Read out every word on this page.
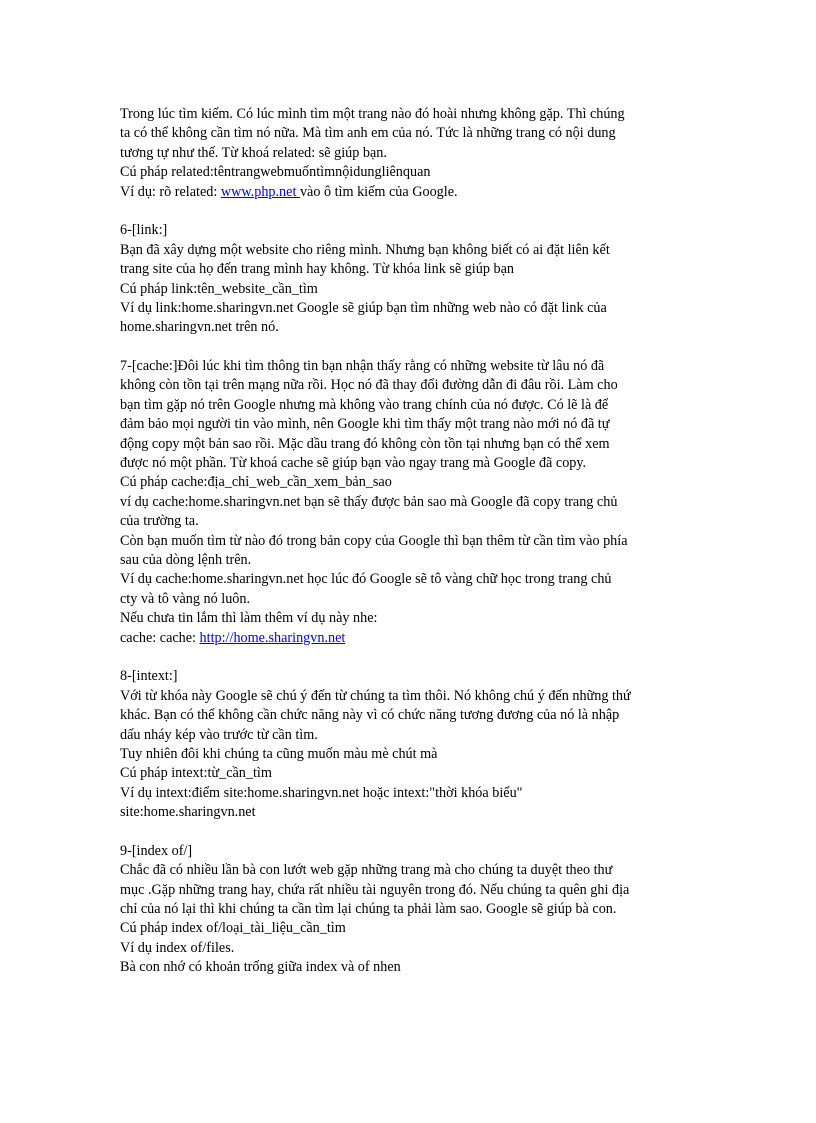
Trong lúc tìm kiếm. Có lúc mình tìm một trang nào đó hoài nhưng không gặp. Thì chúng
ta có thể không cần tìm nó nữa. Mà tìm anh em của nó. Tức là những trang có nội dung
tương tự như thế. Từ khoá related: sẽ giúp bạn.
Cú pháp related:têntrangwebmuốntìmnộidungliênquan
Ví dụ: rõ related: www.php.net vào ô tìm kiếm của Google.
6-[link:]
Bạn đã xây dựng một website cho riêng mình. Nhưng bạn không biết có ai đặt liên kết
trang site của họ đến trang mình hay không. Từ khóa link sẽ giúp bạn
Cú pháp link:tên_website_cần_tìm
Ví dụ link:home.sharingvn.net Google sẽ giúp bạn tìm những web nào có đặt link của
home.sharingvn.net trên nó.
7-[cache:]Đôi lúc khi tìm thông tin bạn nhận thấy rằng có những website từ lâu nó đã
không còn tồn tại trên mạng nữa rồi. Học nó đã thay đổi đường dẫn đi đâu rồi. Làm cho
bạn tìm gặp nó trên Google nhưng mà không vào trang chính của nó được. Có lẽ là để
đảm bảo mọi người tin vào mình, nên Google khi tìm thấy một trang nào mới nó đã tự
động copy một bản sao rồi. Mặc dầu trang đó không còn tồn tại nhưng bạn có thể xem
được nó một phần. Từ khoá cache sẽ giúp bạn vào ngay trang mà Google đã copy.
Cú pháp cache:địa_chỉ_web_cần_xem_bản_sao
ví dụ cache:home.sharingvn.net bạn sẽ thấy được bản sao mà Google đã copy trang chủ
của trường ta.
Còn bạn muốn tìm từ nào đó trong bản copy của Google thì bạn thêm từ cần tìm vào phía
sau của dòng lệnh trên.
Ví dụ cache:home.sharingvn.net học lúc đó Google sẽ tô vàng chữ học trong trang chủ
cty và tô vàng nó luôn.
Nếu chưa tin lắm thì làm thêm ví dụ này nhe:
cache: cache: http://home.sharingvn.net
8-[intext:]
Với từ khóa này Google sẽ chú ý đến từ chúng ta tìm thôi. Nó không chú ý đến những thứ
khác. Bạn có thể không cần chức năng này vì có chức năng tương đương của nó là nhập
dấu nháy kép vào trước từ cần tìm.
Tuy nhiên đôi khi chúng ta cũng muốn màu mè chút mà
Cú pháp intext:từ_cần_tìm
Ví dụ intext:điểm site:home.sharingvn.net hoặc intext:"thời khóa biểu"
site:home.sharingvn.net
9-[index of/]
Chắc đã có nhiều lần bà con lướt web gặp những trang mà cho chúng ta duyệt theo thư
mục .Gặp những trang hay, chứa rất nhiều tài nguyên trong đó. Nếu chúng ta quên ghi địa
chỉ của nó lại thì khi chúng ta cần tìm lại chúng ta phải làm sao. Google sẽ giúp bà con.
Cú pháp index of/loại_tài_liệu_cần_tìm
Ví dụ index of/files.
Bà con nhớ có khoản trống giữa index và of nhen
